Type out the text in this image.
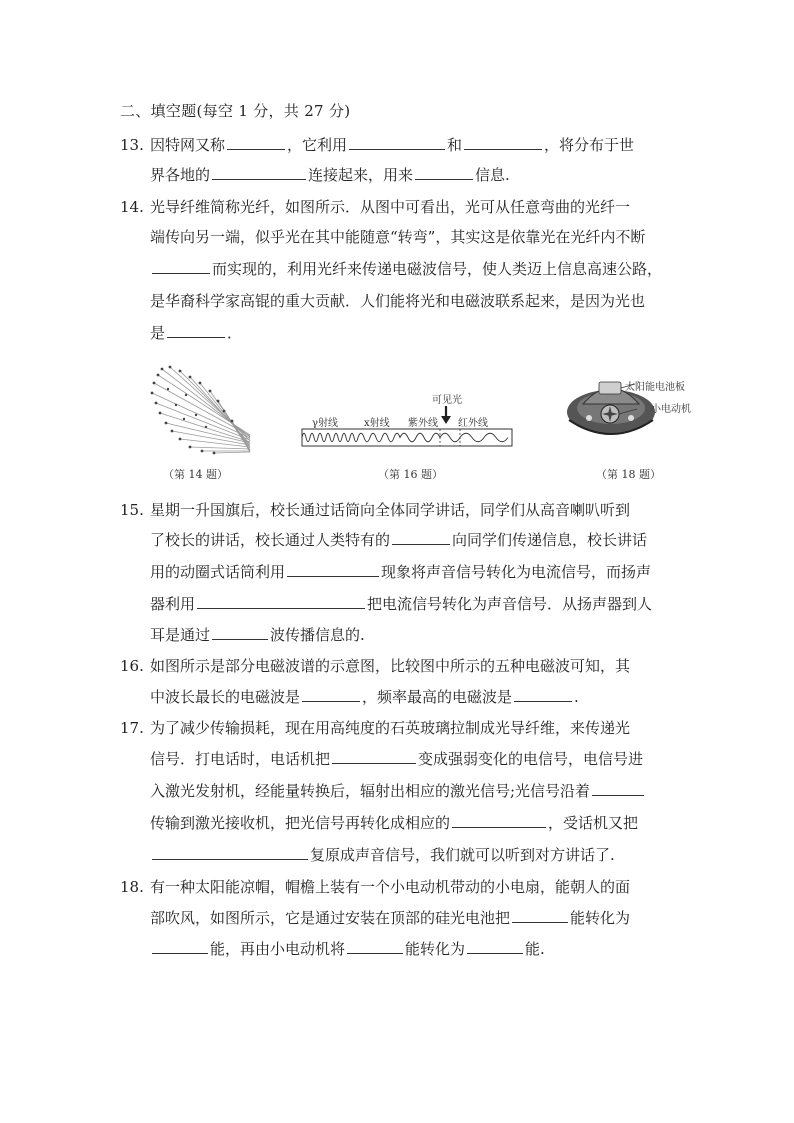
二、填空题(每空 1 分，共 27 分)
13. 因特网又称	，它利用	和	，将分布于世
界各地的	连接起来，用来	信息.
14. 光导纤维简称光纤，如图所示．从图中可看出，光可从任意弯曲的光纤一
端传向另一端，似乎光在其中能随意“转弯”，其实这是依靠光在光纤内不断
而实现的，利用光纤来传递电磁波信号，使人类迈上信息高速公路，
是华裔科学家高锟的重大贡献．人们能将光和电磁波联系起来，是因为光也
是	．
（第 14 题）
可见光
γ射线	x射线 紫外线 红外线
（第 16 题）
太阳能电池板
小电动机
（第 18 题）
15. 星期一升国旗后，校长通过话筒向全体同学讲话，同学们从高音喇叭听到
了校长的讲话，校长通过人类特有的	向同学们传递信息，校长讲话
用的动圈式话筒利用	现象将声音信号转化为电流信号，而扬声
器利用	把电流信号转化为声音信号．从扬声器到人
耳是通过	波传播信息的.
16. 如图所示是部分电磁波谱的示意图，比较图中所示的五种电磁波可知，其
中波长最长的电磁波是	，频率最高的电磁波是	.
17. 为了减少传输损耗，现在用高纯度的石英玻璃拉制成光导纤维，来传递光
信号．打电话时，电话机把	变成强弱变化的电信号，电信号进
入激光发射机，经能量转换后，辐射出相应的激光信号;光信号沿着
传输到激光接收机，把光信号再转化成相应的	，受话机又把
复原成声音信号，我们就可以听到对方讲话了.
18. 有一种太阳能凉帽，帽檐上装有一个小电动机带动的小电扇，能朝人的面
部吹风，如图所示，它是通过安装在顶部的硅光电池把	能转化为
能，再由小电动机将	能转化为	能.
